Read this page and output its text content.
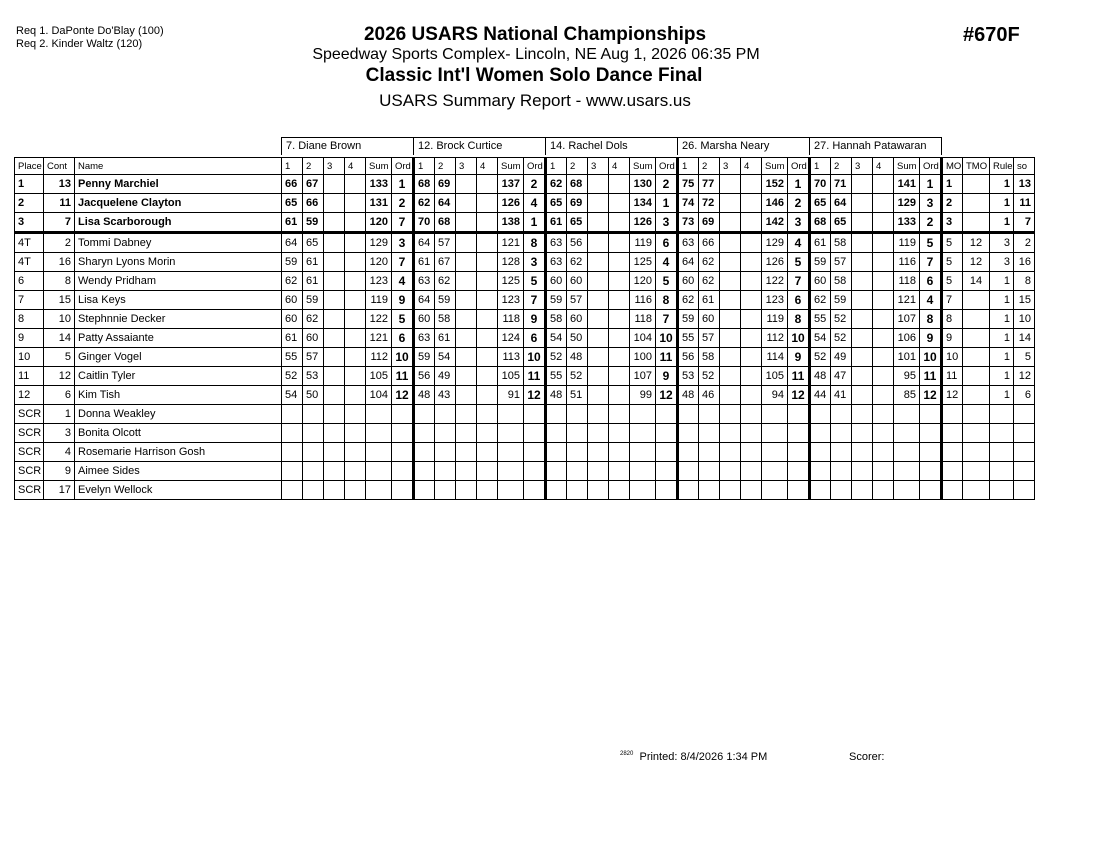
Req 1. DaPonte Do'Blay (100)
Req 2. Kinder Waltz (120)	2026 USARS National Championships
Speedway Sports Complex- Lincoln, NE Aug 1, 2026 06:35 PM
Classic Int'l Women Solo Dance Final
USARS Summary Report - www.usars.us
#670F
7. Diane Brown	12. Brock Curtice	14. Rachel Dols	26. Marsha Neary	27. Hannah Patawaran
Place	Cont	Name	1	2	3	4	Sum	Ord	1	2	3	4	Sum	Ord	1	2	3	4	Sum	Ord	1	2	3	4	Sum	Ord	1	2	3	4	Sum	Ord	MO	TMO	Rule	so
1	13	Penny Marchiel	66	67			133	1	68	69			137	2	62	68			130	2	75	77			152	1	70	71			141	1	1		1	13
2	11	Jacquelene Clayton	65	66			131	2	62	64			126	4	65	69			134	1	74	72			146	2	65	64			129	3	2		1	11
3	7	Lisa Scarborough	61	59			120	7	70	68			138	1	61	65			126	3	73	69			142	3	68	65			133	2	3		1	7
4T	2	Tommi Dabney	64	65			129	3	64	57			121	8	63	56			119	6	63	66			129	4	61	58			119	5	5	12	3	2
4T	16	Sharyn Lyons Morin	59	61			120	7	61	67			128	3	63	62			125	4	64	62			126	5	59	57			116	7	5	12	3	16
6	8	Wendy Pridham	62	61			123	4	63	62			125	5	60	60			120	5	60	62			122	7	60	58			118	6	5	14	1	8
7	15	Lisa Keys	60	59			119	9	64	59			123	7	59	57			116	8	62	61			123	6	62	59			121	4	7		1	15
8	10	Stephnnie Decker	60	62			122	5	60	58			118	9	58	60			118	7	59	60			119	8	55	52			107	8	8		1	10
9	14	Patty Assaiante	61	60			121	6	63	61			124	6	54	50			104	10	55	57			112	10	54	52			106	9	9		1	14
10	5	Ginger Vogel	55	57			112	10	59	54			113	10	52	48			100	11	56	58			114	9	52	49			101	10	10		1	5
11	12	Caitlin Tyler	52	53			105	11	56	49			105	11	55	52			107	9	53	52			105	11	48	47			95	11	11		1	12
12	6	Kim Tish	54	50			104	12	48	43			91	12	48	51			99	12	48	46			94	12	44	41			85	12	12		1	6
SCR	1	Donna Weakley																																		
SCR	3	Bonita Olcott																																		
SCR	4	Rosemarie Harrison Gosh																																		
SCR	9	Aimee Sides																																		
SCR	17	Evelyn Wellock																																		
$^{2820}$ Printed: 8/4/2026 1:34 PM	Scorer:
